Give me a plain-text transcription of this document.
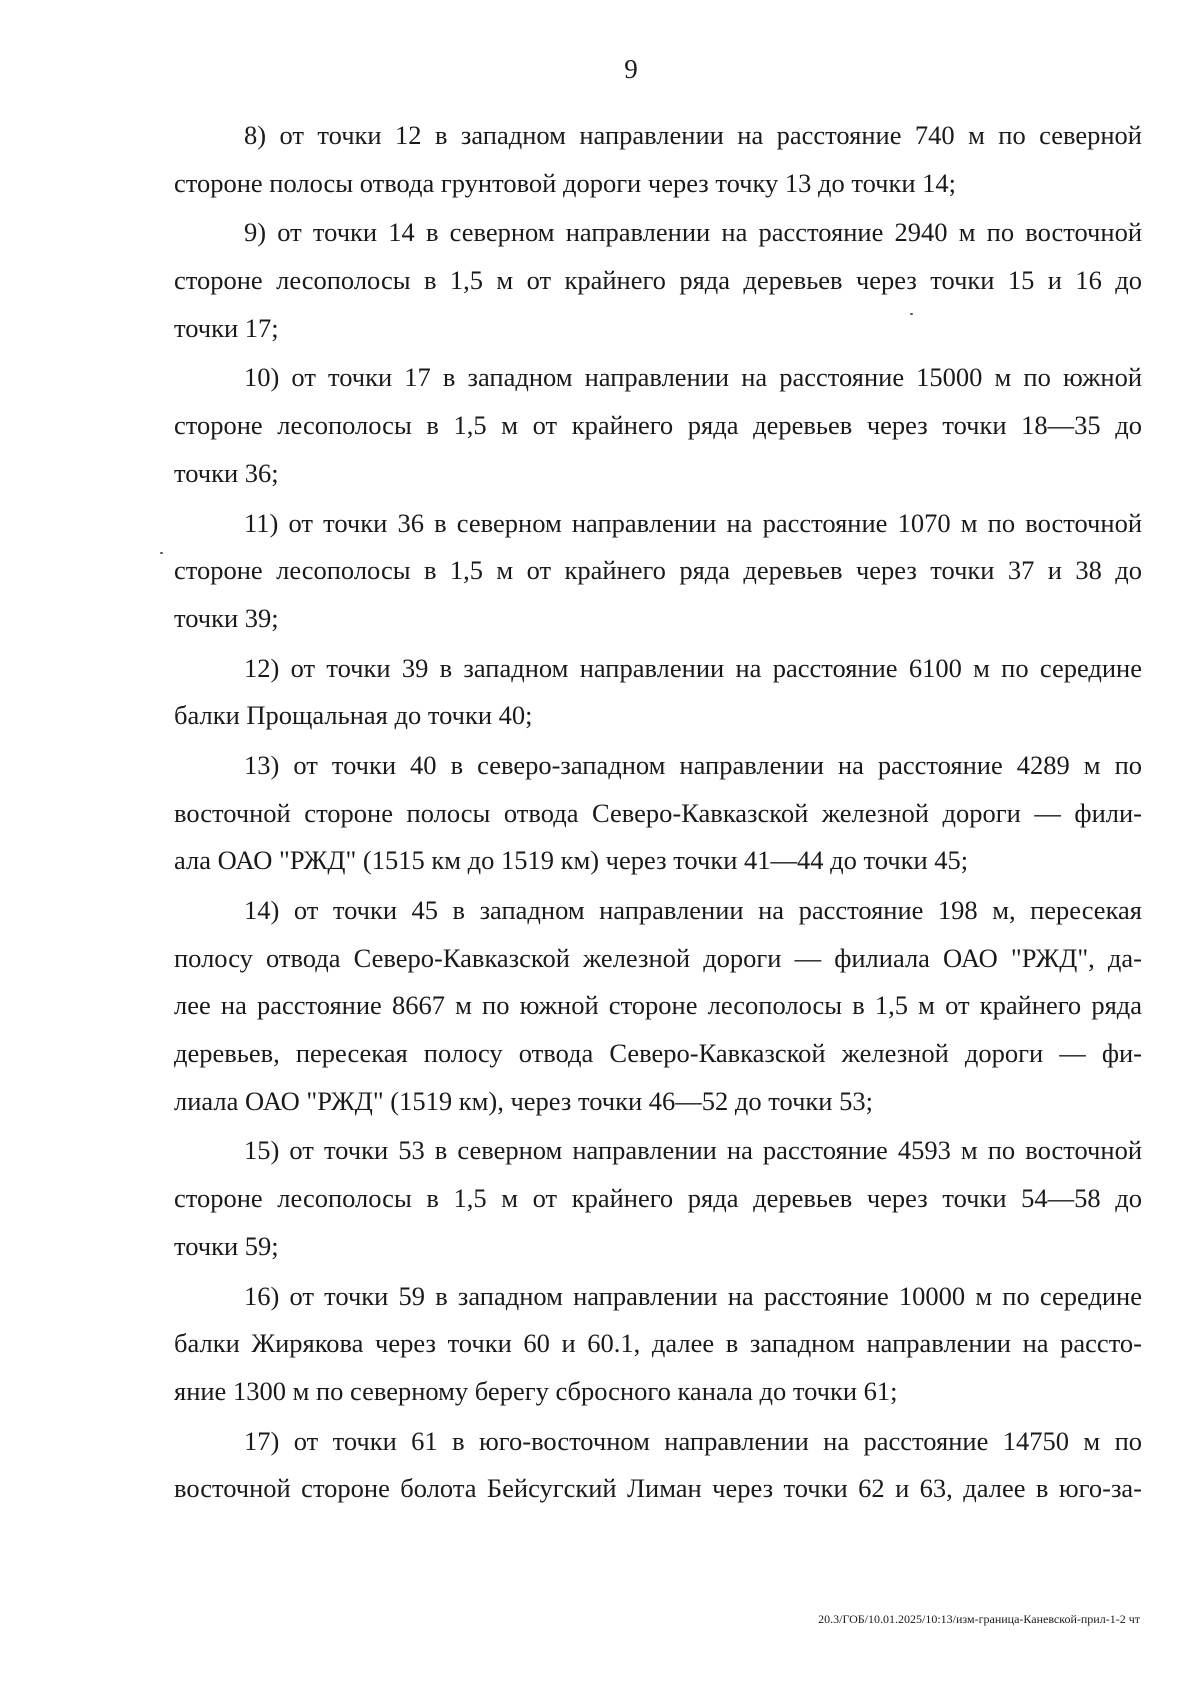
9
8) от точки 12 в западном направлении на расстояние 740 м по северной
стороне полосы отвода грунтовой дороги через точку 13 до точки 14;
9) от точки 14 в северном направлении на расстояние 2940 м по восточной
стороне лесополосы в 1,5 м от крайнего ряда деревьев через точки 15 и 16 до
точки 17;
10) от точки 17 в западном направлении на расстояние 15000 м по южной
стороне лесополосы в 1,5 м от крайнего ряда деревьев через точки 18—35 до
точки 36;
11) от точки 36 в северном направлении на расстояние 1070 м по восточной
стороне лесополосы в 1,5 м от крайнего ряда деревьев через точки 37 и 38 до
точки 39;
12) от точки 39 в западном направлении на расстояние 6100 м по середине
балки Прощальная до точки 40;
13) от точки 40 в северо-западном направлении на расстояние 4289 м по
восточной стороне полосы отвода Северо-Кавказской железной дороги — фили-
ала ОАО "РЖД" (1515 км до 1519 км) через точки 41—44 до точки 45;
14) от точки 45 в западном направлении на расстояние 198 м, пересекая
полосу отвода Северо-Кавказской железной дороги — филиала ОАО "РЖД", да-
лее на расстояние 8667 м по южной стороне лесополосы в 1,5 м от крайнего ряда
деревьев, пересекая полосу отвода Северо-Кавказской железной дороги — фи-
лиала ОАО "РЖД" (1519 км), через точки 46—52 до точки 53;
15) от точки 53 в северном направлении на расстояние 4593 м по восточной
стороне лесополосы в 1,5 м от крайнего ряда деревьев через точки 54—58 до
точки 59;
16) от точки 59 в западном направлении на расстояние 10000 м по середине
балки Жирякова через точки 60 и 60.1, далее в западном направлении на рассто-
яние 1300 м по северному берегу сбросного канала до точки 61;
17) от точки 61 в юго-восточном направлении на расстояние 14750 м по
восточной стороне болота Бейсугский Лиман через точки 62 и 63, далее в юго-за-
20.3/ГОБ/10.01.2025/10:13/изм-граница-Каневской-прил-1-2 чт
